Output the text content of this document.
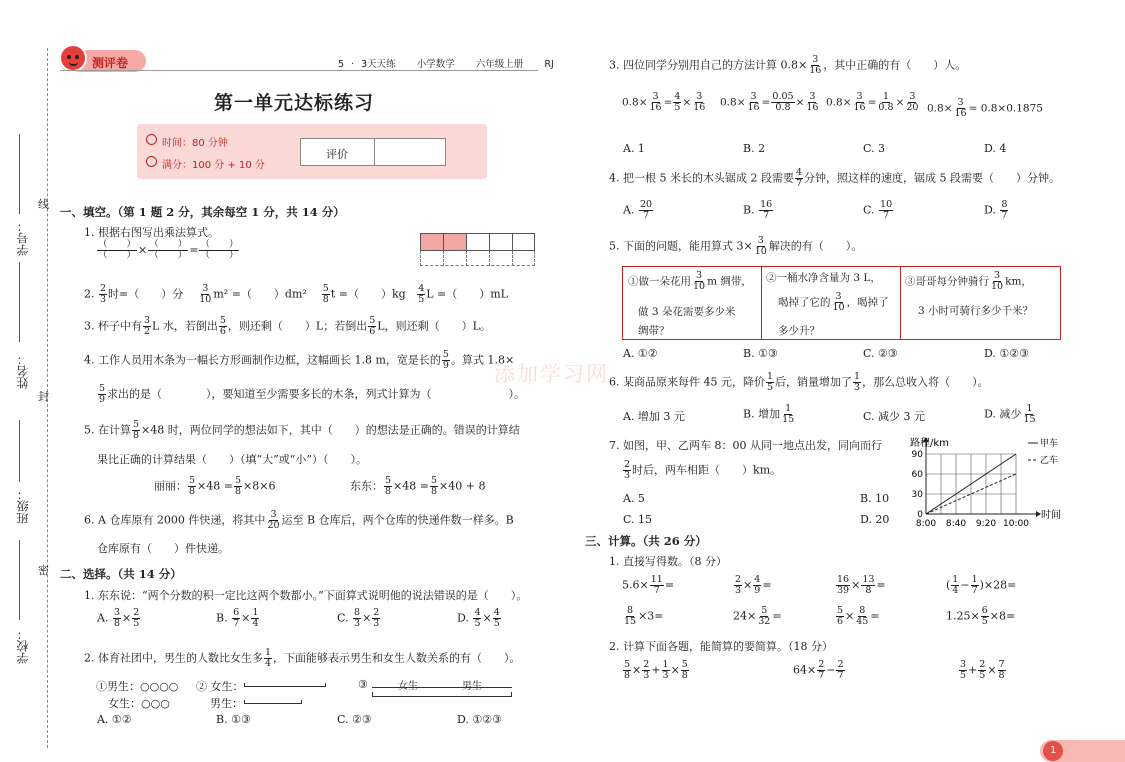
线
封
密
学号：
姓名：
班级：
学校：
测评卷	5 · 3天天练 小学数学 六年级上册 RJ
第一单元达标练习
时间：80 分钟
满分：100 分 + 10 分
评价
一、填空。（第 1 题 2 分，其余每空 1 分，共 14 分）
1. 根据右图写出乘法算式。
$\frac{( )}{( )} \times \frac{( )}{( )} = \frac{( )}{( )}$
2. $\frac{2}{3}$ 时=（　　）分 $\frac{3}{10} m^2$ =（　　）$dm^2 \frac{5}{8}$ t =（　　）$kg \frac{4}{5}$ L =（　　）mL
3. 杯子中有 $\frac{3}{2}$ L 水，若倒出 $\frac{5}{6}$ ，则还剩（　　）L；若倒出 $\frac{5}{6}$ L，则还剩（　　）L。
4. 工作人员用木条为一幅长方形画制作边框，这幅画长 1.8 m，宽是长的 $\frac{5}{9}$ 。算式 1.8×
$\frac{5}{9}$ 求出的是（　　　　），要知道至少需要多长的木条，列式计算为（　　　　　　　）。
5. 在计算 $\frac{5}{8} \times 48$ 时，两位同学的想法如下，其中（　　）的想法是正确的。错误的计算结
果比正确的计算结果（　　）（填“大”或“小”）（　　）。
丽丽： $\frac{5}{8} \times 48 = \frac{5}{8} \times 8\times 6$	东东： $\frac{5}{8} \times 48 = \frac{5}{8} \times 40 + 8$
6. A 仓库原有 2000 件快递，将其中 $\frac{3}{20}$ 运至 B 仓库后，两个仓库的快递件数一样多。B
仓库原有（　　）件快递。
二、选择。（共 14 分）
1. 东东说：“两个分数的积一定比这两个数都小。”下面算式说明他的说法错误的是（　　）。
A. $\frac{3}{8} \times \frac{2}{5}$	B. $\frac{6}{7} \times \frac{1}{4}$	C. $\frac{8}{3} \times \frac{2}{3}$	D. $\frac{4}{5} \times \frac{4}{5}$
2. 体育社团中，男生的人数比女生多 $\frac{1}{4}$ ，下面能够表示男生和女生人数关系的有（　　）。
①男生：○○○○
女生：○○○
② 女生：
男生：
③	女生	男生
A. ①②	B. ①③	C. ②③	D. ①②③
添加学习网
3. 四位同学分别用自己的方法计算 $0.8\times \frac{3}{16}$ ，其中正确的有（　　）人。
$0.8\times \frac{3}{16} = \frac{4}{5} \times \frac{3}{16} 0.8\times \frac{3}{16} = \frac{0.05}{0.8} \times \frac{3}{16} 0.8\times \frac{3}{16} = \frac{1}{0.8} \times \frac{3}{20} 0.8\times \frac{3}{16} = 0.8\times 0.1875$
A. 1	B. 2	C. 3	D. 4
4. 把一根 5 米长的木头锯成 2 段需要 $\frac{4}{7}$ 分钟，照这样的速度，锯成 5 段需要（　　）分钟。
A. $\frac{20}{7}$	B. $\frac{16}{7}$	C. $\frac{10}{7}$	D. $\frac{8}{7}$
5. 下面的问题，能用算式 $3\times \frac{3}{10}$ 解决的有（　　）。
①做一朵花用 $\frac{3}{10}$ m 绸带，
做 3 朵花需要多少米
绸带？
②一桶水净含量为 3 L，
喝掉了它的 $\frac{3}{10}$ ，喝掉了
多少升？
③哥哥每分钟骑行 $\frac{3}{10}$ km，
3 小时可骑行多少千米？
A. ①②	B. ①③	C. ②③	D. ①②③
6. 某商品原来每件 45 元，降价 $\frac{1}{5}$ 后，销量增加了 $\frac{1}{3}$ ，那么总收入将（　　）。
A. 增加 3 元	B. 增加 $\frac{1}{15}$	C. 减少 3 元	D. 减少 $\frac{1}{15}$
7. 如图，甲、乙两车 8：00 从同一地点出发，同向而行
$\frac{2}{3}$ 时后，两车相距（　　）km。
A. 5	B. 10
C. 15	D. 20	0
30
60
90
8:00 8:40 9:20 10:00
路程/km
时间
甲车
乙车
三、计算。（共 26 分）
1. 直接写得数。（8 分）
$5.6\times \frac{11}{7}$ =	$\frac{2}{3} \times \frac{4}{9}$ =	$\frac{16}{39} \times \frac{13}{8}$ =	( $\frac{1}{4} - \frac{1}{7} )\times 28=$
$\frac{8}{15} \times 3=$	$24\times \frac{5}{32}$ =	$\frac{5}{6} \times \frac{8}{45}$ =	$1.25\times \frac{6}{5} \times 8=$
2. 计算下面各题，能简算的要简算。（18 分）
$\frac{5}{8} \times \frac{2}{3} + \frac{1}{3} \times \frac{5}{8}$	$64\times \frac{2}{7} - \frac{2}{7}$	$\frac{3}{5} + \frac{2}{5} \times \frac{7}{8}$
1
